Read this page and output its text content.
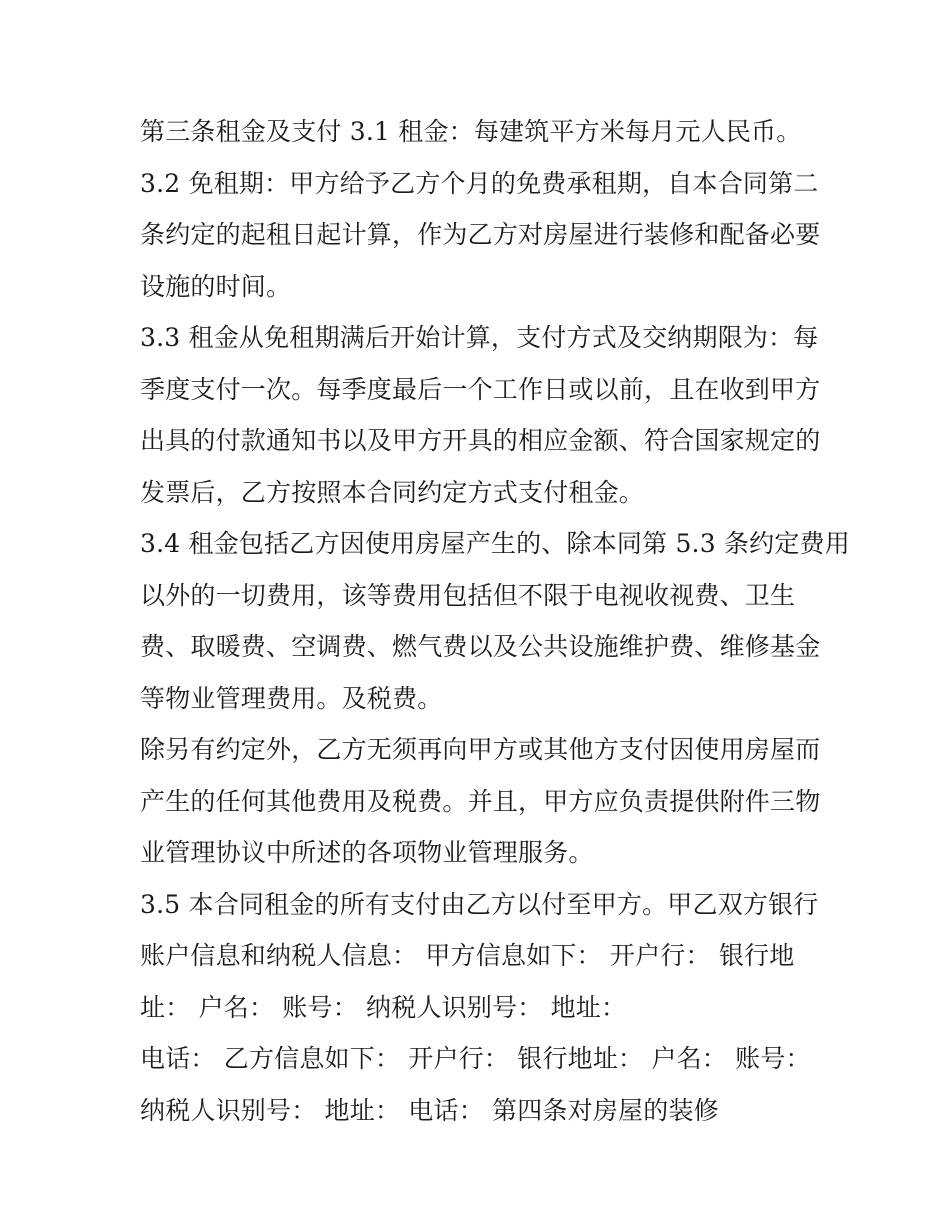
第三条租金及支付 3.1 租金：每建筑平方米每月元人民币。
3.2 免租期：甲方给予乙方个月的免费承租期，自本合同第二
条约定的起租日起计算，作为乙方对房屋进行装修和配备必要
设施的时间。
3.3 租金从免租期满后开始计算，支付方式及交纳期限为：每
季度支付一次。每季度最后一个工作日或以前，且在收到甲方
出具的付款通知书以及甲方开具的相应金额、符合国家规定的
发票后，乙方按照本合同约定方式支付租金。
3.4 租金包括乙方因使用房屋产生的、除本同第 5.3 条约定费用
以外的一切费用，该等费用包括但不限于电视收视费、卫生
费、取暖费、空调费、燃气费以及公共设施维护费、维修基金
等物业管理费用。及税费。
除另有约定外，乙方无须再向甲方或其他方支付因使用房屋而
产生的任何其他费用及税费。并且，甲方应负责提供附件三物
业管理协议中所述的各项物业管理服务。
3.5 本合同租金的所有支付由乙方以付至甲方。甲乙双方银行
账户信息和纳税人信息： 甲方信息如下： 开户行： 银行地
址： 户名： 账号： 纳税人识别号： 地址：
电话： 乙方信息如下： 开户行： 银行地址： 户名： 账号：
纳税人识别号： 地址： 电话： 第四条对房屋的装修
